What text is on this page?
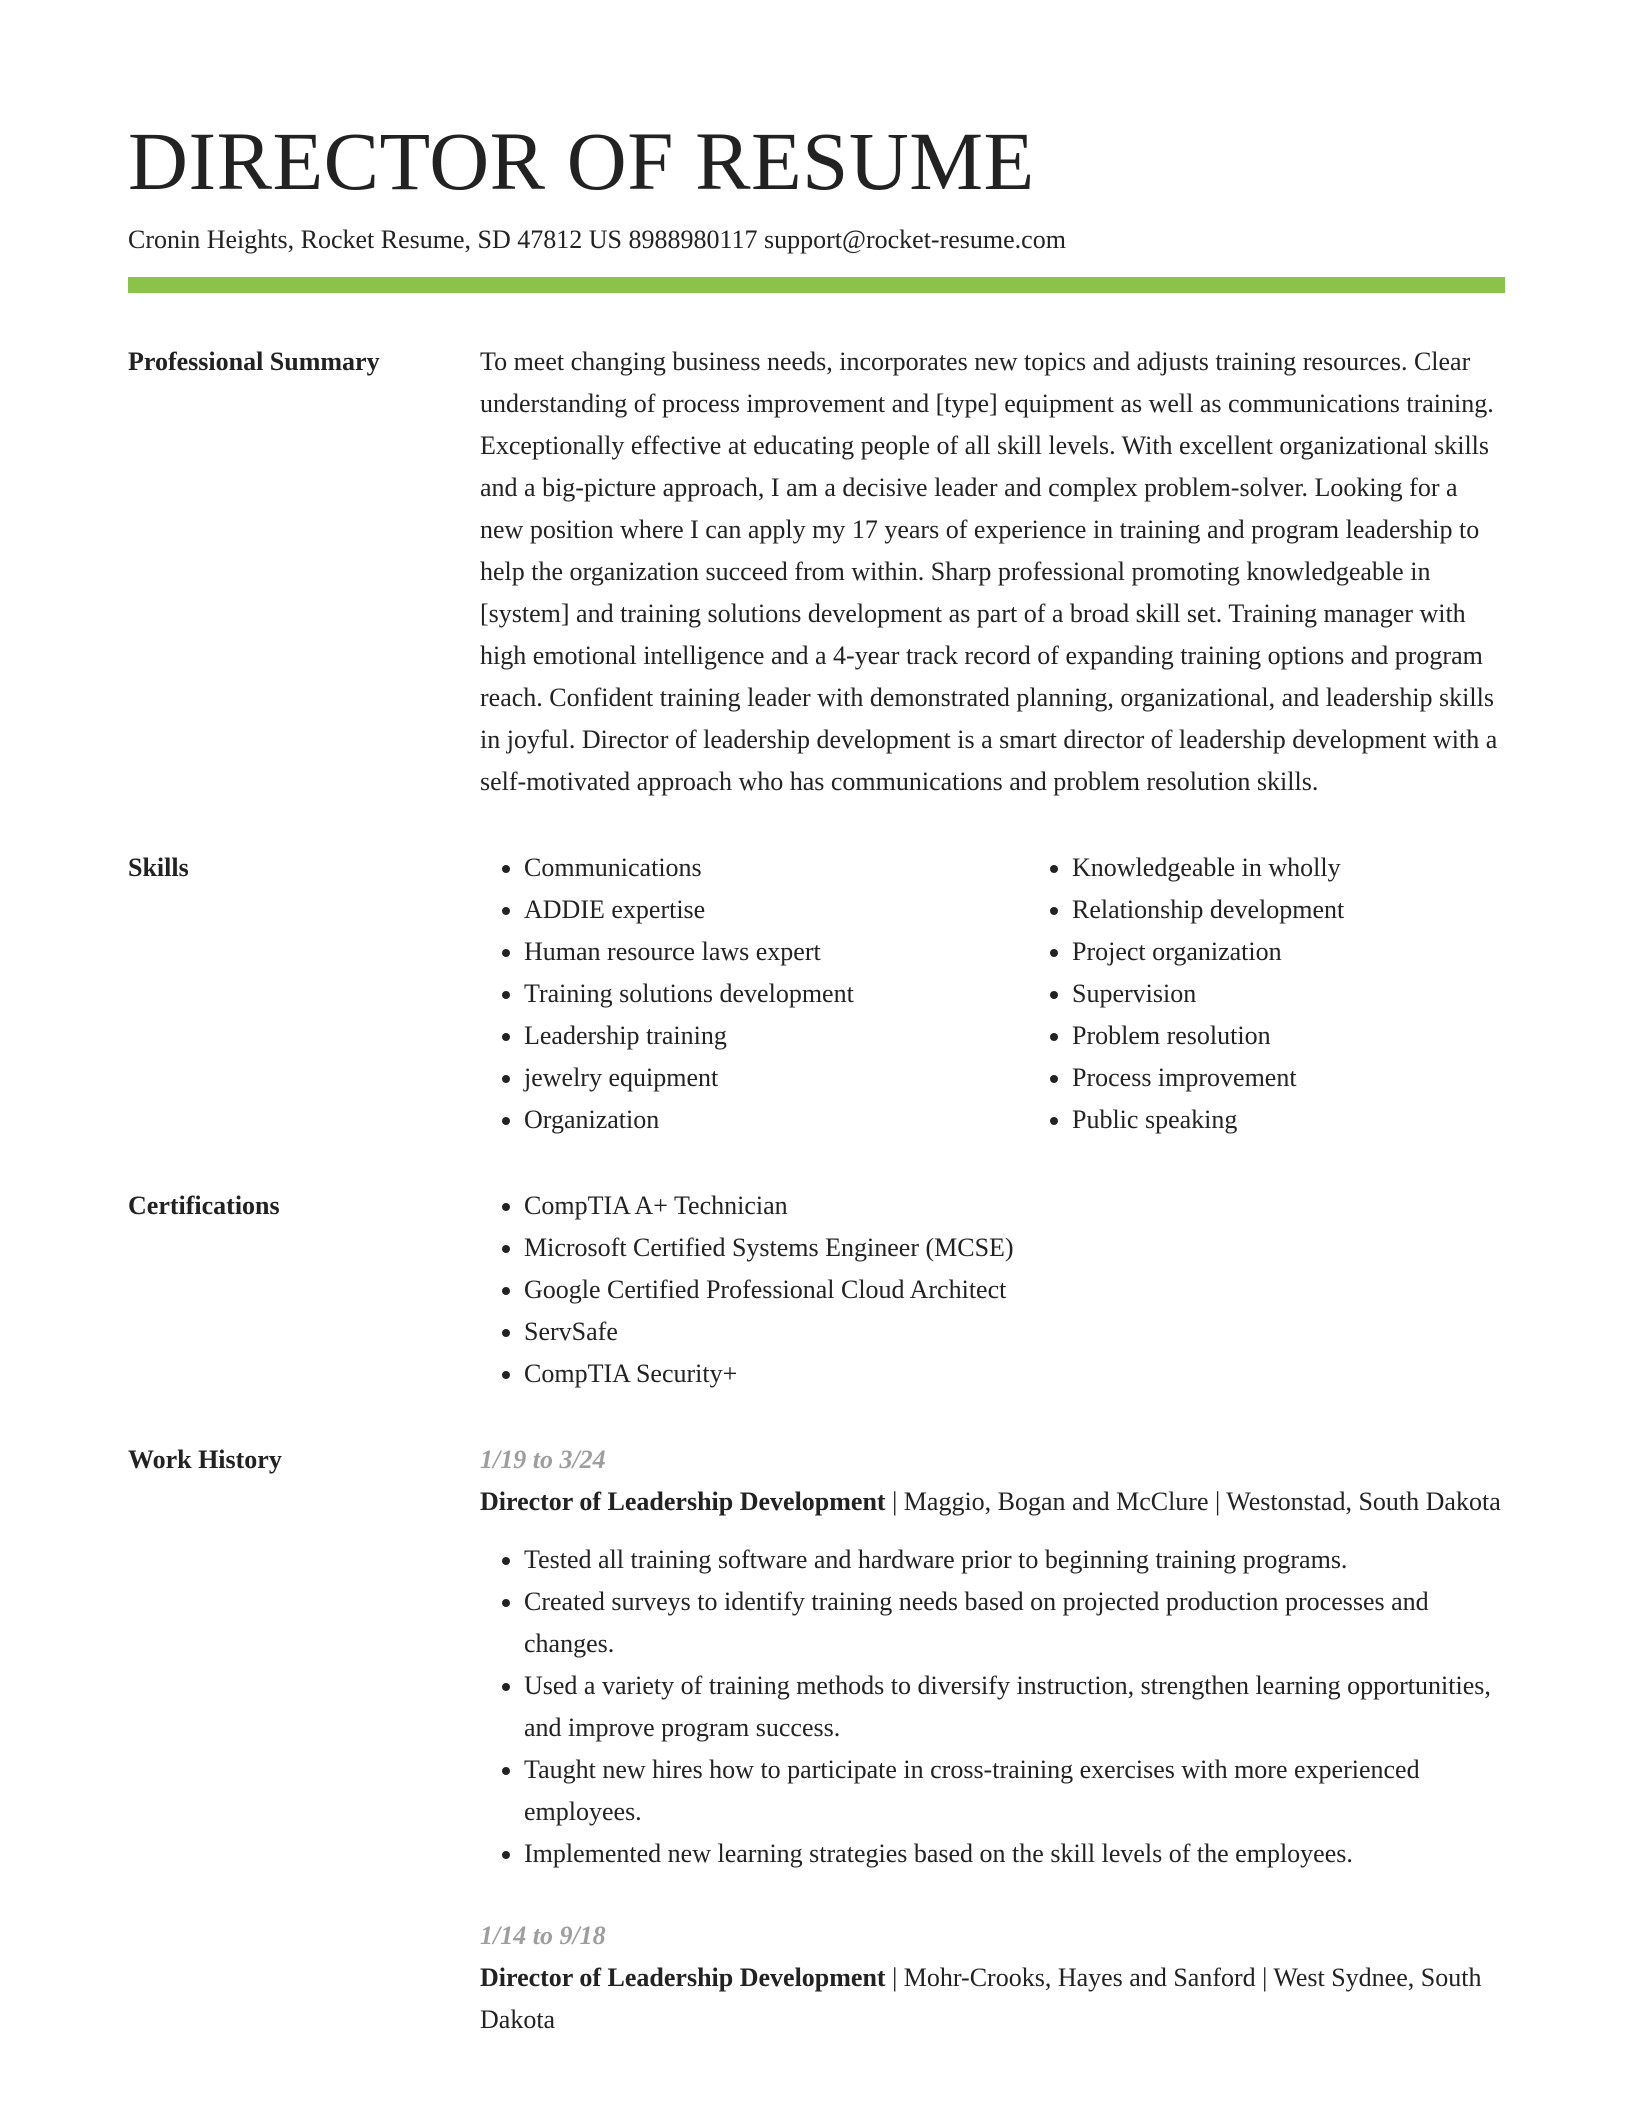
DIRECTOR OF RESUME
Cronin Heights, Rocket Resume, SD 47812 US 8988980117 support@rocket-resume.com
Professional Summary	To meet changing business needs, incorporates new topics and adjusts training resources. Clear understanding of process improvement and [type] equipment as well as communications training. Exceptionally effective at educating people of all skill levels. With excellent organizational skills and a big-picture approach, I am a decisive leader and complex problem-solver. Looking for a new position where I can apply my 17 years of experience in training and program leadership to help the organization succeed from within. Sharp professional promoting knowledgeable in [system] and training solutions development as part of a broad skill set. Training manager with high emotional intelligence and a 4-year track record of expanding training options and program reach. Confident training leader with demonstrated planning, organizational, and leadership skills in joyful. Director of leadership development is a smart director of leadership development with a self-motivated approach who has communications and problem resolution skills.

Skills	• Communications
• ADDIE expertise
• Human resource laws expert
• Training solutions development
• Leadership training
• jewelry equipment
• Organization
• Knowledgeable in wholly
• Relationship development
• Project organization
• Supervision
• Problem resolution
• Process improvement
• Public speaking
Certifications	• CompTIA A+ Technician
• Microsoft Certified Systems Engineer (MCSE)
• Google Certified Professional Cloud Architect
• ServSafe
• CompTIA Security+
Work History	1/19 to 3/24

Director of Leadership Development | Maggio, Bogan and McClure | Westonstad, South Dakota

• Tested all training software and hardware prior to beginning training programs.
• Created surveys to identify training needs based on projected production processes and changes.
• Used a variety of training methods to diversify instruction, strengthen learning opportunities, and improve program success.
• Taught new hires how to participate in cross-training exercises with more experienced employees.
• Implemented new learning strategies based on the skill levels of the employees.
1/14 to 9/18

Director of Leadership Development | Mohr-Crooks, Hayes and Sanford | West Sydnee, South Dakota
